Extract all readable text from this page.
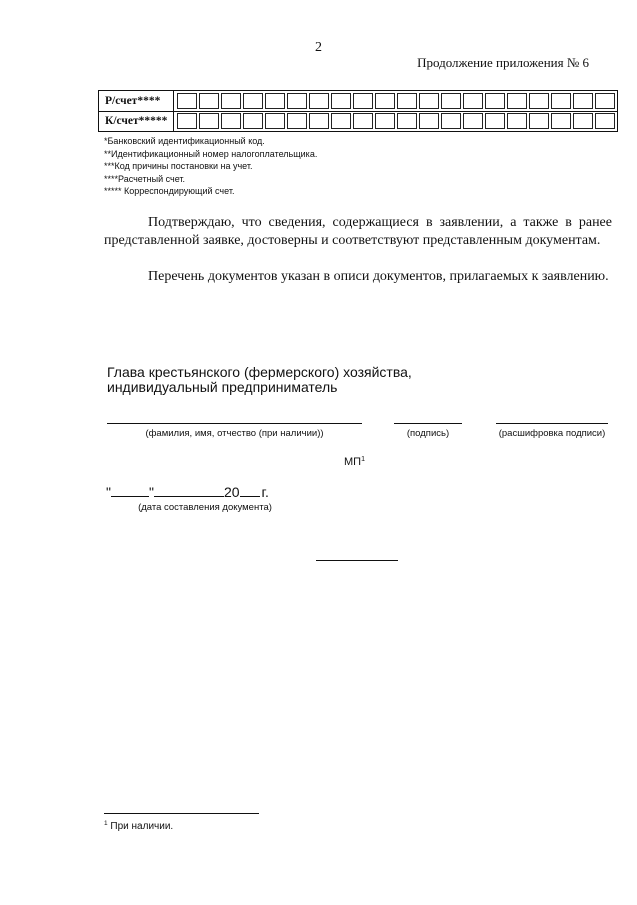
2
Продолжение приложения № 6
Р/счет****
К/счет*****
*Банковский идентификационный код.
**Идентификационный номер налогоплательщика.
***Код причины постановки на учет.
****Расчетный счет.
***** Корреспондирующий счет.
Подтверждаю, что сведения, содержащиеся в заявлении, а также в ранее представленной заявке, достоверны и соответствуют представленным документам.
Перечень документов указан в описи документов, прилагаемых к заявлению.
Глава крестьянского (фермерского) хозяйства,
индивидуальный предприниматель
(фамилия, имя, отчество (при наличии))	(подпись)	(расшифровка подписи)
$МП^1$
"	"	20 г.
(дата составления документа)
$^1$ При наличии.
